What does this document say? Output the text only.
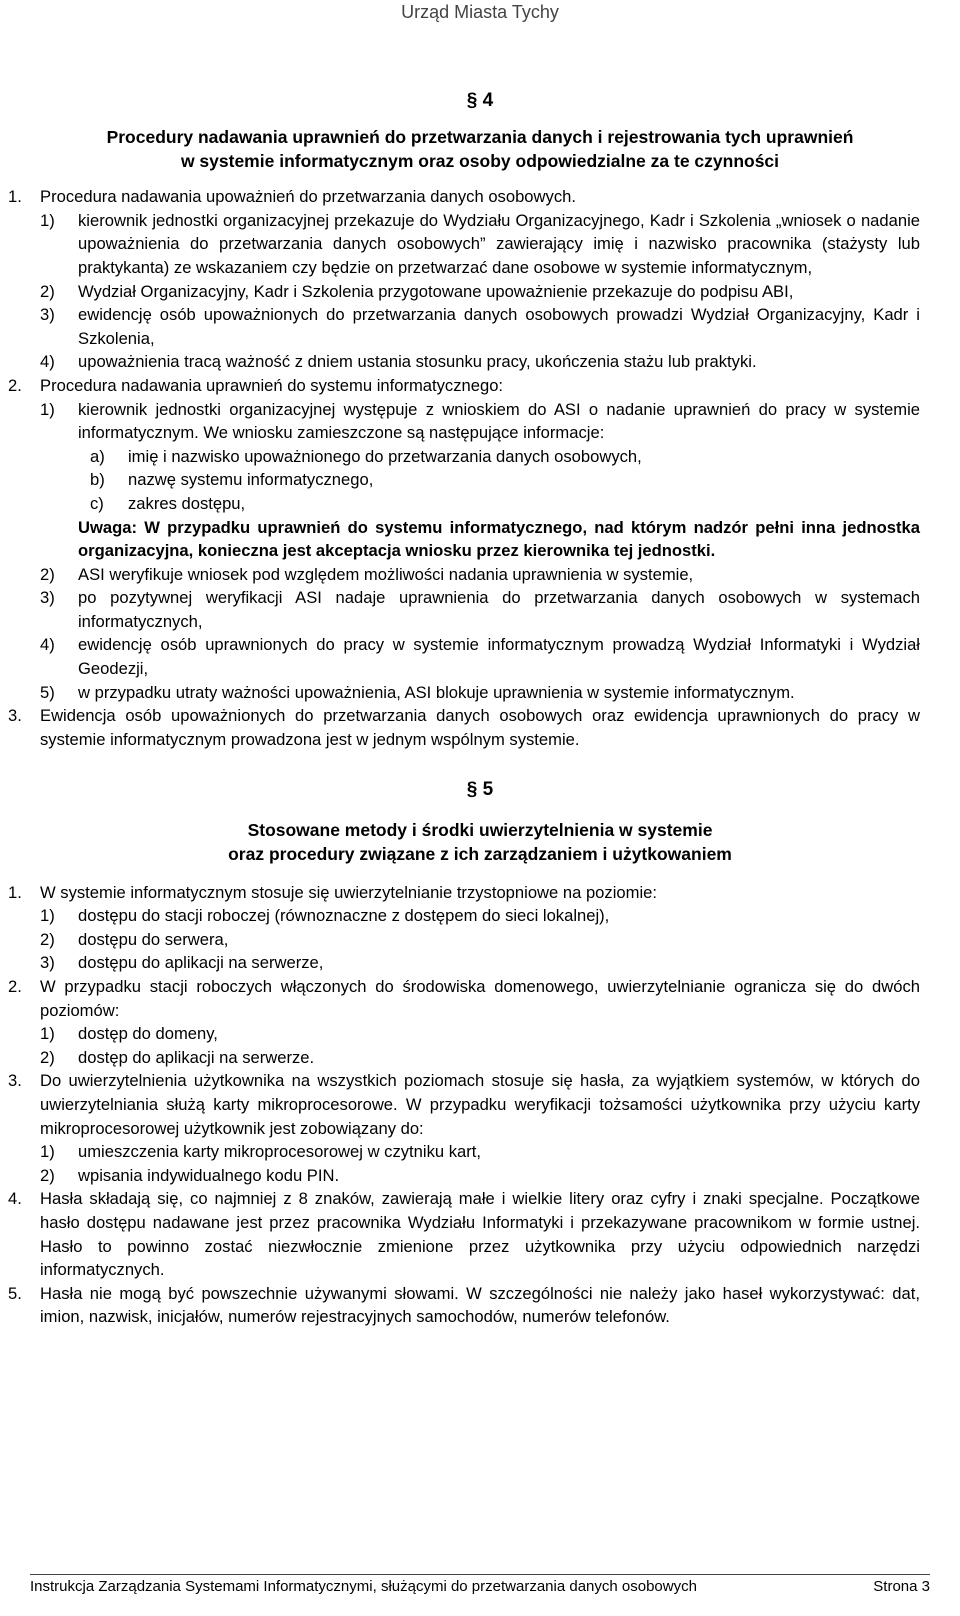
Urząd Miasta Tychy
§ 4
Procedury nadawania uprawnień do przetwarzania danych i rejestrowania tych uprawnień
w systemie informatycznym oraz osoby odpowiedzialne za te czynności
1. Procedura nadawania upoważnień do przetwarzania danych osobowych.
1) kierownik jednostki organizacyjnej przekazuje do Wydziału Organizacyjnego, Kadr i Szkolenia „wniosek o nadanie upoważnienia do przetwarzania danych osobowych” zawierający imię i nazwisko pracownika (stażysty lub praktykanta) ze wskazaniem czy będzie on przetwarzać dane osobowe w systemie informatycznym,
2) Wydział Organizacyjny, Kadr i Szkolenia przygotowane upoważnienie przekazuje do podpisu ABI,
3) ewidencję osób upoważnionych do przetwarzania danych osobowych prowadzi Wydział Organizacyjny, Kadr i Szkolenia,
4) upoważnienia tracą ważność z dniem ustania stosunku pracy, ukończenia stażu lub praktyki.
2. Procedura nadawania uprawnień do systemu informatycznego:
1) kierownik jednostki organizacyjnej występuje z wnioskiem do ASI o nadanie uprawnień do pracy w systemie informatycznym. We wniosku zamieszczone są następujące informacje:
a) imię i nazwisko upoważnionego do przetwarzania danych osobowych,
b) nazwę systemu informatycznego,
c) zakres dostępu,
Uwaga: W przypadku uprawnień do systemu informatycznego, nad którym nadzór pełni inna jednostka organizacyjna, konieczna jest akceptacja wniosku przez kierownika tej jednostki.
2) ASI weryfikuje wniosek pod względem możliwości nadania uprawnienia w systemie,
3) po pozytywnej weryfikacji ASI nadaje uprawnienia do przetwarzania danych osobowych w systemach informatycznych,
4) ewidencję osób uprawnionych do pracy w systemie informatycznym prowadzą Wydział Informatyki i Wydział Geodezji,
5) w przypadku utraty ważności upoważnienia, ASI blokuje uprawnienia w systemie informatycznym.
3. Ewidencja osób upoważnionych do przetwarzania danych osobowych oraz ewidencja uprawnionych do pracy w systemie informatycznym prowadzona jest w jednym wspólnym systemie.
§ 5
Stosowane metody i środki uwierzytelnienia w systemie
oraz procedury związane z ich zarządzaniem i użytkowaniem
1. W systemie informatycznym stosuje się uwierzytelnianie trzystopniowe na poziomie:
1) dostępu do stacji roboczej (równoznaczne z dostępem do sieci lokalnej),
2) dostępu do serwera,
3) dostępu do aplikacji na serwerze,
2. W przypadku stacji roboczych włączonych do środowiska domenowego, uwierzytelnianie ogranicza się do dwóch poziomów:
1) dostęp do domeny,
2) dostęp do aplikacji na serwerze.
3. Do uwierzytelnienia użytkownika na wszystkich poziomach stosuje się hasła, za wyjątkiem systemów, w których do uwierzytelniania służą karty mikroprocesorowe. W przypadku weryfikacji tożsamości użytkownika przy użyciu karty mikroprocesorowej użytkownik jest zobowiązany do:
1) umieszczenia karty mikroprocesorowej w czytniku kart,
2) wpisania indywidualnego kodu PIN.
4. Hasła składają się, co najmniej z 8 znaków, zawierają małe i wielkie litery oraz cyfry i znaki specjalne. Początkowe hasło dostępu nadawane jest przez pracownika Wydziału Informatyki i przekazywane pracownikom w formie ustnej. Hasło to powinno zostać niezwłocznie zmienione przez użytkownika przy użyciu odpowiednich narzędzi informatycznych.
5. Hasła nie mogą być powszechnie używanymi słowami. W szczególności nie należy jako haseł wykorzystywać: dat, imion, nazwisk, inicjałów, numerów rejestracyjnych samochodów, numerów telefonów.
Instrukcja Zarządzania Systemami Informatycznymi, służącymi do przetwarzania danych osobowych	Strona 3
